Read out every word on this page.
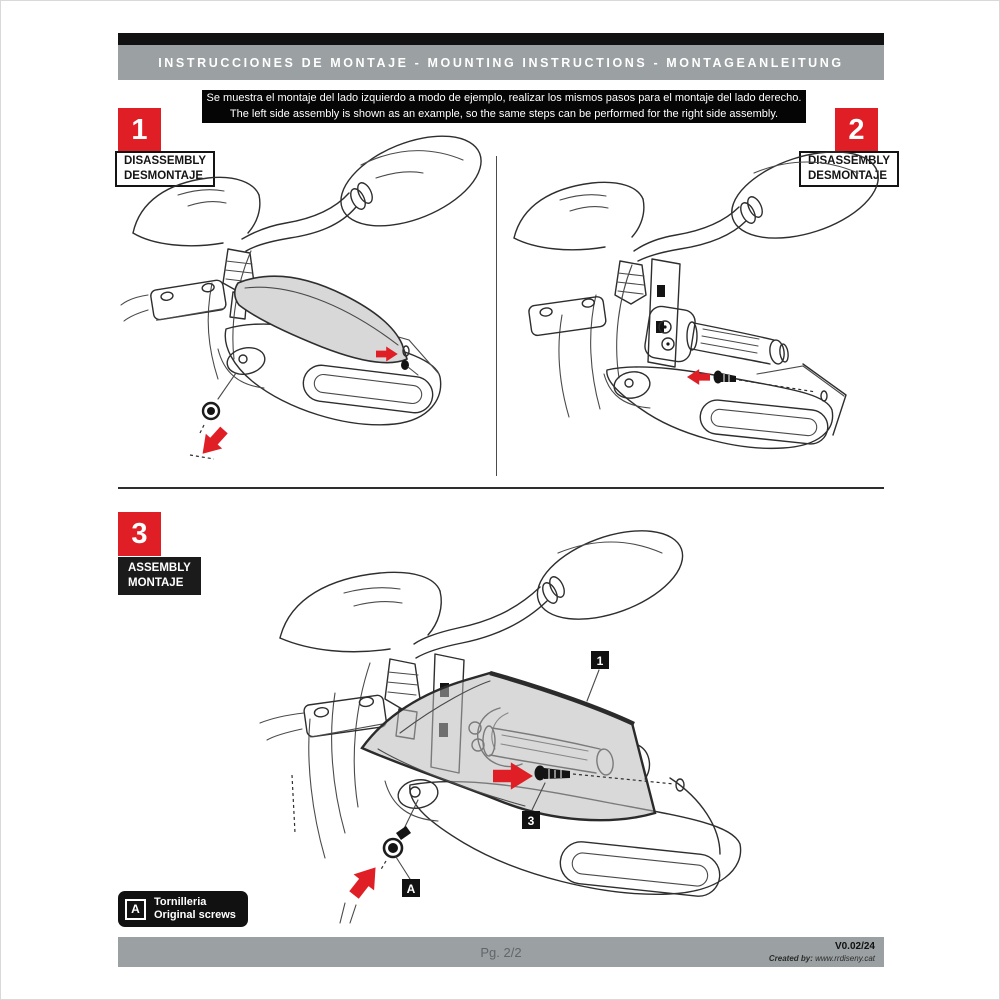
INSTRUCCIONES DE MONTAJE - MOUNTING INSTRUCTIONS - MONTAGEANLEITUNG
Se muestra el montaje del lado izquierdo a modo de ejemplo, realizar los mismos pasos para el montaje del lado derecho.
The left side assembly is shown as an example, so the same steps can be performed for the right side assembly.
1
DISASSEMBLY
DESMONTAJE
2
DISASSEMBLY
DESMONTAJE
3
ASSEMBLY
MONTAJE
1
3
A
A	Tornilleria
Original screws
Pg. 2/2	V0.02/24
Created by: www.rrdiseny.cat
